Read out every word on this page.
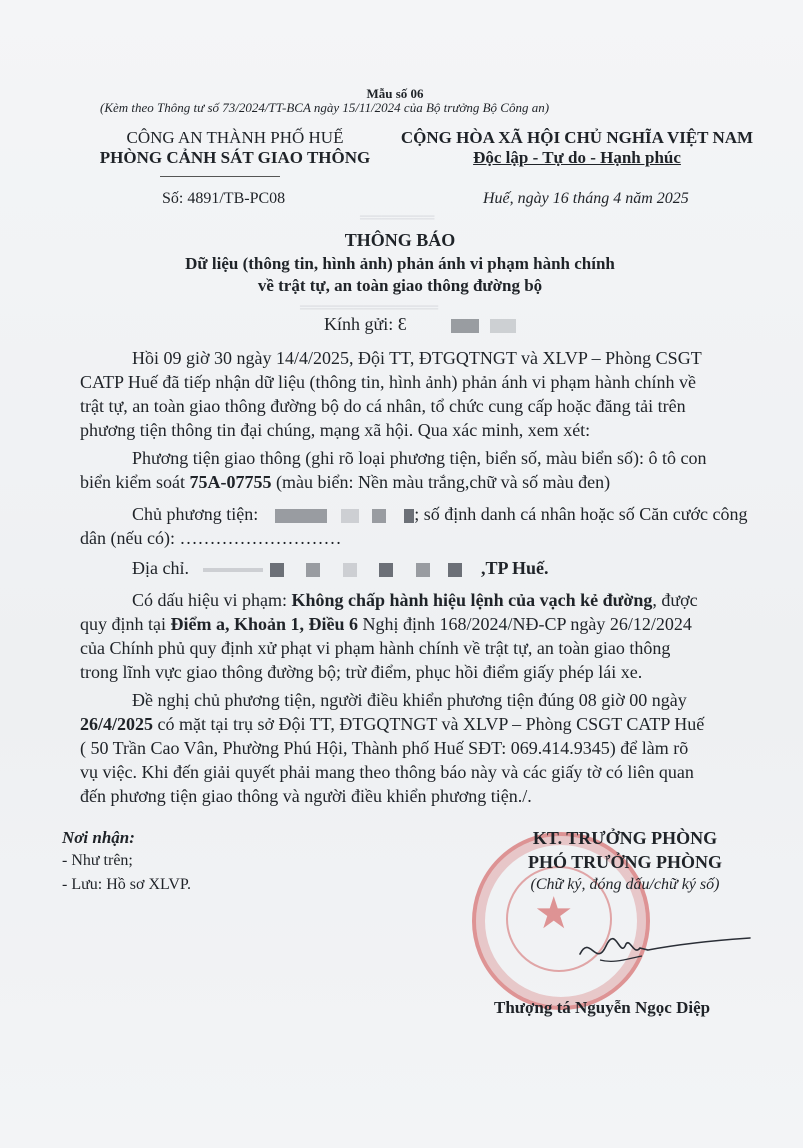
═══════
═════════════
Mẫu số 06
(Kèm theo Thông tư số 73/2024/TT-BCA ngày 15/11/2024 của Bộ trưởng Bộ Công an)
CÔNG AN THÀNH PHỐ HUẾ
PHÒNG CẢNH SÁT GIAO THÔNG
Số: 4891/TB-PC08
CỘNG HÒA XÃ HỘI CHỦ NGHĨA VIỆT NAM
Độc lập - Tự do - Hạnh phúc
Huế, ngày 16 tháng 4 năm 2025
THÔNG BÁO
Dữ liệu (thông tin, hình ảnh) phản ánh vi phạm hành chính
về trật tự, an toàn giao thông đường bộ
Kính gửi: Ɛ
Hồi 09 giờ 30 ngày 14/4/2025, Đội TT, ĐTGQTNGT và XLVP – Phòng CSGT
CATP Huế đã tiếp nhận dữ liệu (thông tin, hình ảnh) phản ánh vi phạm hành chính về
trật tự, an toàn giao thông đường bộ do cá nhân, tổ chức cung cấp hoặc đăng tải trên
phương tiện thông tin đại chúng, mạng xã hội. Qua xác minh, xem xét:
Phương tiện giao thông (ghi rõ loại phương tiện, biển số, màu biển số): ô tô con
biển kiểm soát 75A-07755 (màu biển: Nền màu trắng,chữ và số màu đen)
Chủ phương tiện:	; số định danh cá nhân hoặc số Căn cước công
dân (nếu có): ………………………
Địa chỉ.	,TP Huế.
Có dấu hiệu vi phạm: Không chấp hành hiệu lệnh của vạch kẻ đường, được
quy định tại Điểm a, Khoản 1, Điều 6 Nghị định 168/2024/NĐ-CP ngày 26/12/2024
của Chính phủ quy định xử phạt vi phạm hành chính về trật tự, an toàn giao thông
trong lĩnh vực giao thông đường bộ; trừ điểm, phục hồi điểm giấy phép lái xe.
Đề nghị chủ phương tiện, người điều khiển phương tiện đúng 08 giờ 00 ngày
26/4/2025 có mặt tại trụ sở Đội TT, ĐTGQTNGT và XLVP – Phòng CSGT CATP Huế
( 50 Trần Cao Vân, Phường Phú Hội, Thành phố Huế SĐT: 069.414.9345) để làm rõ
vụ việc. Khi đến giải quyết phải mang theo thông báo này và các giấy tờ có liên quan
đến phương tiện giao thông và người điều khiển phương tiện./.
Nơi nhận:
- Như trên;
- Lưu: Hồ sơ XLVP.
★
KT. TRƯỞNG PHÒNG
PHÓ TRƯỞNG PHÒNG
(Chữ ký, đóng dấu/chữ ký số)
Thượng tá Nguyễn Ngọc Diệp
